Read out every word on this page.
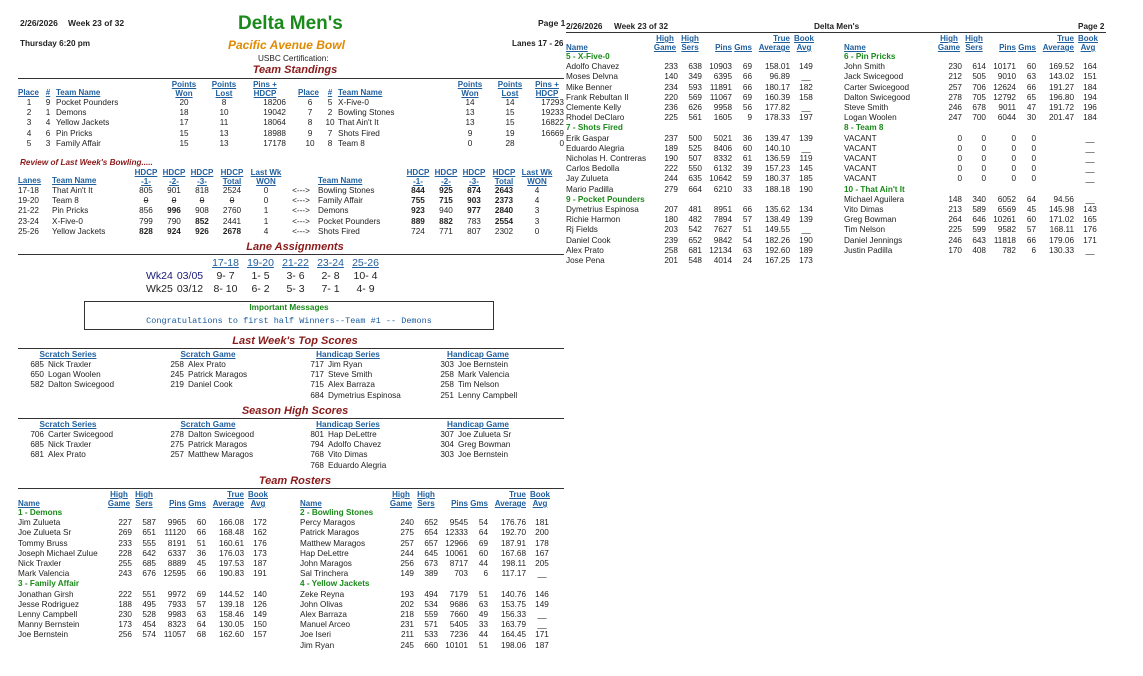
2/26/2026 Week 23 of 32	Delta Men's	Page 1
Thursday 6:20 pm	Pacific Avenue Bowl	Lanes 17 - 26
USBC Certification:
Team Standings
Place	#	Team Name	Points Won	Points Lost	Pins + HDCP
1	9	Pocket Pounders	20	8	18206
2	1	Demons	18	10	19042
3	4	Yellow Jackets	17	11	18064
4	6	Pin Pricks	15	13	18988
5	3	Family Affair	15	13	17178
Place	#	Team Name	Points Won	Points Lost	Pins + HDCP
6	5	X-Five-0	14	14	17293
7	2	Bowling Stones	13	15	19233
8	10	That Ain't It	13	15	16822
9	7	Shots Fired	9	19	16669
10	8	Team 8	0	28	0
Review of Last Week's Bowling.....
Lanes	Team Name	HDCP -1-	HDCP -2-	HDCP -3-	HDCP Total	Last Wk WON		Team Name	HDCP -1-	HDCP -2-	HDCP -3-	HDCP Total	Last Wk WON
17-18	That Ain't It	805	901	818	2524	0	<--->	Bowling Stones	844	925	874	2643	4
19-20	Team 8	0	0	0	0	0	<--->	Family Affair	755	715	903	2373	4
21-22	Pin Pricks	856	996	908	2760	1	<--->	Demons	923	940	977	2840	3
23-24	X-Five-0	799	790	852	2441	1	<--->	Pocket Pounders	889	882	783	2554	3
25-26	Yellow Jackets	828	924	926	2678	4	<--->	Shots Fired	724	771	807	2302	0
Lane Assignments
	17-18	19-20	21-22	23-24	25-26
Wk24 03/05	9- 7	1- 5	3- 6	2- 8	10- 4
Wk25 03/12	8- 10	6- 2	5- 3	7- 1	4- 9
Important Messages
Congratulations to first half Winners--Team #1 -- Demons
Last Week's Top Scores
Scratch Series
685 Nick Traxler
650 Logan Woolen
582 Dalton Swicegood
Scratch Game
258 Alex Prato
245 Patrick Maragos
219 Daniel Cook
Handicap Series
717 Jim Ryan
717 Steve Smith
715 Alex Barraza
684 Dymetrius Espinosa
Handicap Game
303 Joe Bernstein
258 Mark Valencia
258 Tim Nelson
251 Lenny Campbell
Season High Scores
Scratch Series
706 Carter Swicegood
685 Nick Traxler
681 Alex Prato
Scratch Game
278 Dalton Swicegood
275 Patrick Maragos
257 Matthew Maragos
Handicap Series
801 Hap DeLettre
794 Adolfo Chavez
768 Vito Dimas
768 Eduardo Alegria
Handicap Game
307 Joe Zulueta Sr
304 Greg Bowman
303 Joe Bernstein
Team Rosters
Name	High Game	High Sers	Pins	Gms	True Average	Book Avg
1 - Demons						
Jim Zulueta	227	587	9965	60	166.08	172
Joe Zulueta Sr	269	651	11120	66	168.48	162
Tommy Bruss	233	555	8191	51	160.61	176
Joseph Michael Zulue	228	642	6337	36	176.03	173
Nick Traxler	255	685	8889	45	197.53	187
Mark Valencia	243	676	12595	66	190.83	191
3 - Family Affair						
Jonathan Girsh	222	551	9972	69	144.52	140
Jesse Rodriguez	188	495	7933	57	139.18	126
Lenny Campbell	230	528	9983	63	158.46	149
Manny Bernstein	173	454	8323	64	130.05	150
Joe Bernstein	256	574	11057	68	162.60	157
Name	High Game	High Sers	Pins	Gms	True Average	Book Avg
2 - Bowling Stones						
Percy Maragos	240	652	9545	54	176.76	181
Patrick Maragos	275	654	12333	64	192.70	200
Matthew Maragos	257	657	12966	69	187.91	178
Hap DeLettre	244	645	10061	60	167.68	167
John Maragos	256	673	8717	44	198.11	205
Sal Trinchera	149	389	703	6	117.17	__
4 - Yellow Jackets						
Zeke Reyna	193	494	7179	51	140.76	146
John Olivas	202	534	9686	63	153.75	149
Alex Barraza	218	559	7660	49	156.33	__
Manuel Arceo	231	571	5405	33	163.79	__
Joe Iseri	211	533	7236	44	164.45	171
Jim Ryan	245	660	10101	51	198.06	187
2/26/2026 Week 23 of 32	Delta Men's	Page 2
Name	High Game	High Sers	Pins	Gms	True Average	Book Avg
5 - X-Five-0						
Adolfo Chavez	233	638	10903	69	158.01	149
Moses Delvna	140	349	6395	66	96.89	__
Mike Benner	234	593	11891	66	180.17	182
Frank Rebultan II	220	569	11067	69	160.39	158
Clemente Kelly	236	626	9958	56	177.82	__
Rhodel DeClaro	225	561	1605	9	178.33	197
7 - Shots Fired						
Erik Gaspar	237	500	5021	36	139.47	139
Eduardo Alegria	189	525	8406	60	140.10	__
Nicholas H. Contreras	190	507	8332	61	136.59	119
Carlos Bedolla	222	550	6132	39	157.23	145
Jay Zulueta	244	635	10642	59	180.37	185
Mario Padilla	279	664	6210	33	188.18	190
9 - Pocket Pounders						
Dymetrius Espinosa	207	481	8951	66	135.62	134
Richie Harmon	180	482	7894	57	138.49	139
Rj Fields	203	542	7627	51	149.55	__
Daniel Cook	239	652	9842	54	182.26	190
Alex Prato	258	681	12134	63	192.60	189
Jose Pena	201	548	4014	24	167.25	173
Name	High Game	High Sers	Pins	Gms	True Average	Book Avg
6 - Pin Pricks						
John Smith	230	614	10171	60	169.52	164
Jack Swicegood	212	505	9010	63	143.02	151
Carter Swicegood	257	706	12624	66	191.27	184
Dalton Swicegood	278	705	12792	65	196.80	194
Steve Smith	246	678	9011	47	191.72	196
Logan Woolen	247	700	6044	30	201.47	184
8 - Team 8						
VACANT	0	0	0	0		__
VACANT	0	0	0	0		__
VACANT	0	0	0	0		__
VACANT	0	0	0	0		__
VACANT	0	0	0	0		__
10 - That Ain't It						
Michael Aguilera	148	340	6052	64	94.56	__
Vito Dimas	213	589	6569	45	145.98	143
Greg Bowman	264	646	10261	60	171.02	165
Tim Nelson	225	599	9582	57	168.11	176
Daniel Jennings	246	643	11818	66	179.06	171
Justin Padilla	170	408	782	6	130.33	__
